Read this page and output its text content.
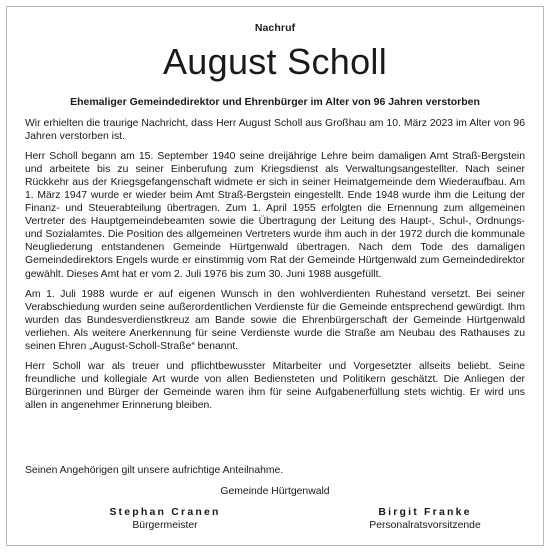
Nachruf
August Scholl
Ehemaliger Gemeindedirektor und Ehrenbürger im Alter von 96 Jahren verstorben

Wir erhielten die traurige Nachricht, dass Herr August Scholl aus Großhau am 10. März 2023 im Alter von 96 Jahren verstorben ist.

Herr Scholl begann am 15. September 1940 seine dreijährige Lehre beim damaligen Amt Straß-Bergstein und arbeitete bis zu seiner Einberufung zum Kriegsdienst als Verwaltungsangestellter. Nach seiner Rückkehr aus der Kriegsgefangenschaft widmete er sich in seiner Heimatgemeinde dem Wiederaufbau. Am 1. März 1947 wurde er wieder beim Amt Straß-Bergstein eingestellt. Ende 1948 wurde ihm die Leitung der Finanz- und Steuerabteilung übertragen. Zum 1. April 1955 erfolgten die Ernennung zum allgemeinen Vertreter des Hauptgemeindebeamten sowie die Übertragung der Leitung des Haupt-, Schul-, Ordnungs- und Sozialamtes. Die Position des allgemeinen Vertreters wurde ihm auch in der 1972 durch die kommunale Neugliederung entstandenen Gemeinde Hürtgenwald übertragen. Nach dem Tode des damaligen Gemeindedirektors Engels wurde er einstimmig vom Rat der Gemeinde Hürtgenwald zum Gemeindedirektor gewählt. Dieses Amt hat er vom 2. Juli 1976 bis zum 30. Juni 1988 ausgefüllt.

Am 1. Juli 1988 wurde er auf eigenen Wunsch in den wohlverdienten Ruhestand versetzt. Bei seiner Verabschiedung wurden seine außerordentlichen Verdienste für die Gemeinde entsprechend gewürdigt. Ihm wurden das Bundesverdienstkreuz am Bande sowie die Ehrenbürgerschaft der Gemeinde Hürtgenwald verliehen. Als weitere Anerkennung für seine Verdienste wurde die Straße am Neubau des Rathauses zu seinen Ehren „August-Scholl-Straße“ benannt.

Herr Scholl war als treuer und pflichtbewusster Mitarbeiter und Vorgesetzter allseits beliebt. Seine freundliche und kollegiale Art wurde von allen Bediensteten und Politikern geschätzt. Die Anliegen der Bürgerinnen und Bürger der Gemeinde waren ihm für seine Aufgabenerfüllung stets wichtig. Er wird uns allen in angenehmer Erinnerung bleiben.

Seinen Angehörigen gilt unsere aufrichtige Anteilnahme.
Gemeinde Hürtgenwald
Stephan Cranen
Bürgermeister
Birgit Franke
Personalratsvorsitzende
